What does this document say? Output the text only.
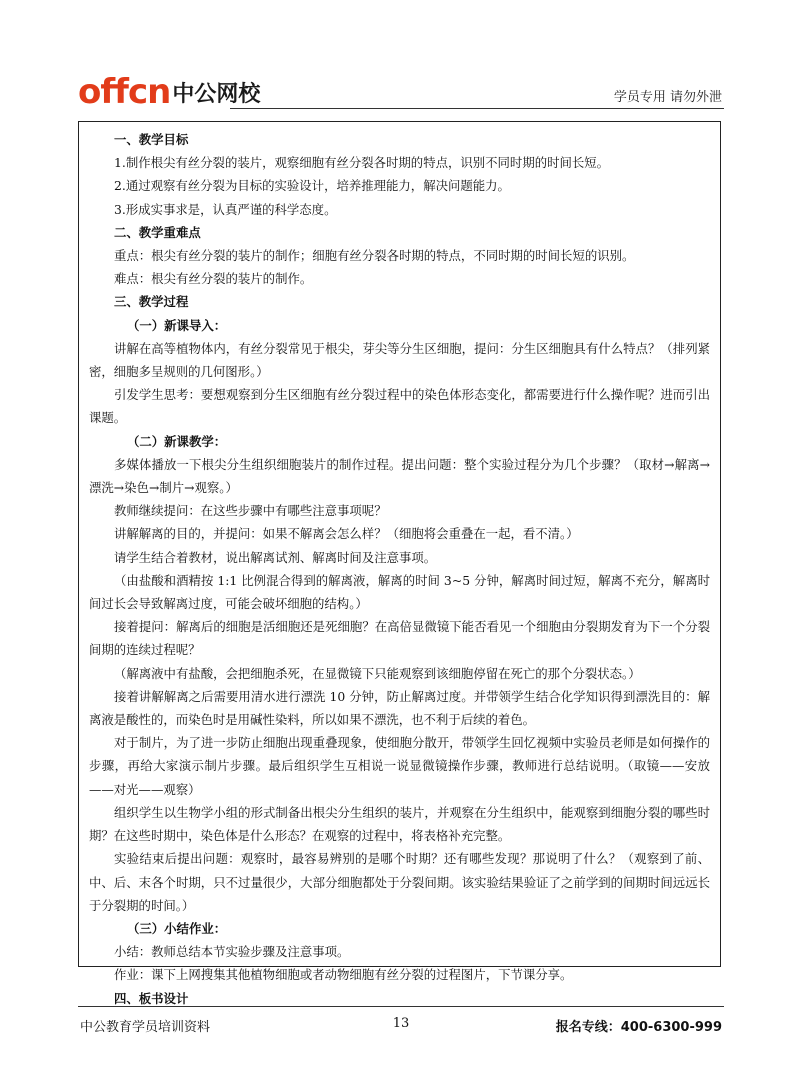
offcn中公网校	学员专用 请勿外泄

一、教学目标

1.制作根尖有丝分裂的装片，观察细胞有丝分裂各时期的特点，识别不同时期的时间长短。

2.通过观察有丝分裂为目标的实验设计，培养推理能力，解决问题能力。

3.形成实事求是，认真严谨的科学态度。

二、教学重难点

重点：根尖有丝分裂的装片的制作；细胞有丝分裂各时期的特点，不同时期的时间长短的识别。

难点：根尖有丝分裂的装片的制作。

三、教学过程

（一）新课导入：

讲解在高等植物体内，有丝分裂常见于根尖，芽尖等分生区细胞，提问：分生区细胞具有什么特点？（排列紧密，细胞多呈规则的几何图形。）

引发学生思考：要想观察到分生区细胞有丝分裂过程中的染色体形态变化，都需要进行什么操作呢？进而引出课题。

（二）新课教学：

多媒体播放一下根尖分生组织细胞装片的制作过程。提出问题：整个实验过程分为几个步骤？（取材→解离→漂洗→染色→制片→观察。）

教师继续提问：在这些步骤中有哪些注意事项呢？

讲解解离的目的，并提问：如果不解离会怎么样？（细胞将会重叠在一起，看不清。）

请学生结合着教材，说出解离试剂、解离时间及注意事项。

（由盐酸和酒精按 1:1 比例混合得到的解离液，解离的时间 3~5 分钟，解离时间过短，解离不充分，解离时间过长会导致解离过度，可能会破坏细胞的结构。）

接着提问：解离后的细胞是活细胞还是死细胞？在高倍显微镜下能否看见一个细胞由分裂期发育为下一个分裂间期的连续过程呢？

（解离液中有盐酸，会把细胞杀死，在显微镜下只能观察到该细胞停留在死亡的那个分裂状态。）

接着讲解解离之后需要用清水进行漂洗 10 分钟，防止解离过度。并带领学生结合化学知识得到漂洗目的：解离液是酸性的，而染色时是用碱性染料，所以如果不漂洗，也不利于后续的着色。

对于制片，为了进一步防止细胞出现重叠现象，使细胞分散开，带领学生回忆视频中实验员老师是如何操作的步骤，再给大家演示制片步骤。最后组织学生互相说一说显微镜操作步骤，教师进行总结说明。（取镜——安放——对光——观察）

组织学生以生物学小组的形式制备出根尖分生组织的装片，并观察在分生组织中，能观察到细胞分裂的哪些时期？在这些时期中，染色体是什么形态？在观察的过程中，将表格补充完整。

实验结束后提出问题：观察时，最容易辨别的是哪个时期？还有哪些发现？那说明了什么？（观察到了前、中、后、末各个时期，只不过量很少，大部分细胞都处于分裂间期。该实验结果验证了之前学到的间期时间远远长于分裂期的时间。）

（三）小结作业：

小结：教师总结本节实验步骤及注意事项。

作业：课下上网搜集其他植物细胞或者动物细胞有丝分裂的过程图片，下节课分享。

四、板书设计

中公教育学员培训资料	13	报名专线：400-6300-999
